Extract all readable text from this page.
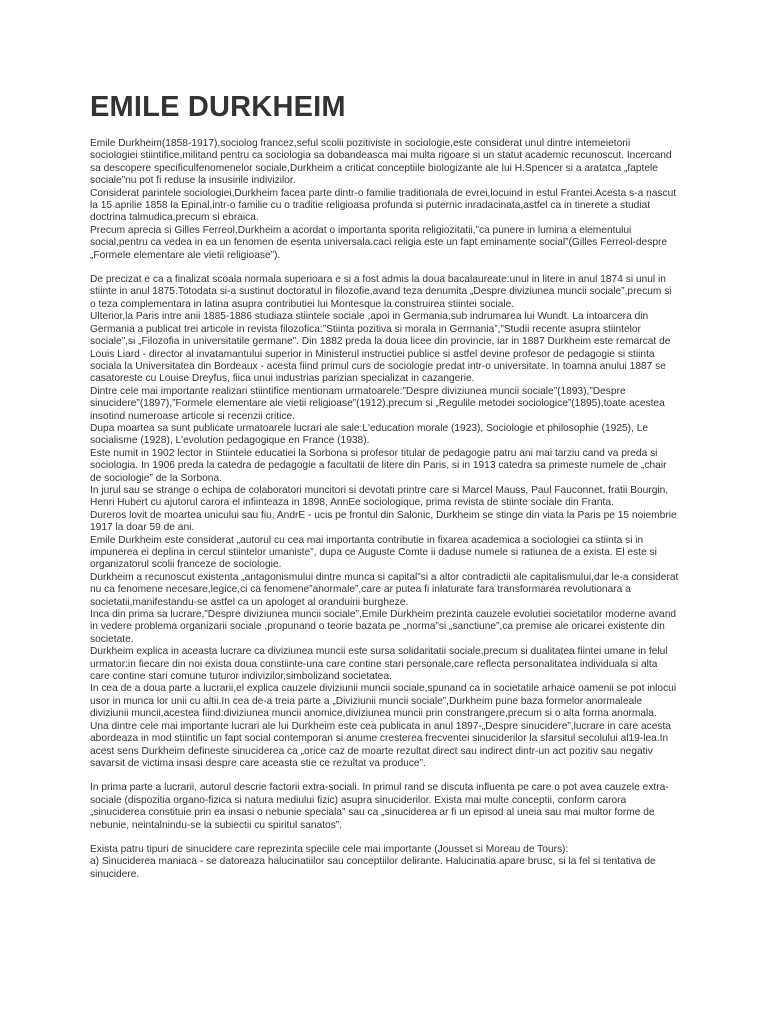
EMILE DURKHEIM

Emile Durkheim(1858-1917),sociolog francez,seful scolii pozitiviste in sociologie,este considerat unul dintre intemeietorii sociologiei stiintifice,militand pentru ca sociologia sa dobandeasca mai multa rigoare si un statut academic recunoscut. Incercand sa descopere specificulfenomenelor sociale,Durkheim a criticat conceptiile biologizante ale lui H.Spencer si a aratatca „faptele sociale”nu pot fi reduse la insusirile indivizilor.

Considerat parintele sociologiei,Durkheim facea parte dintr-o familie traditionala de evrei,locuind in estul Frantei.Acesta s-a nascut la 15 aprilie 1858 la Epinal,intr-o familie cu o traditie religioasa profunda si puternic inradacinata,astfel ca in tinerete a studiat doctrina talmudica,precum si ebraica.

Precum aprecia si Gilles Ferreol,Durkheim a acordat o importanta sporita religiozitatii,”ca punere in lumina a elementului social,pentru ca vedea in ea un fenomen de esenta universala.caci religia este un fapt eminamente social”(Gilles Ferreol-despre „Formele elementare ale vietii religioase”).

De precizat e ca a finalizat scoala normala superioara e si a fost admis la doua bacalaureate:unul in litere in anul 1874 si unul in stiinte in anul 1875.Totodata si-a sustinut doctoratul in filozofie,avand teza denumita „Despre diviziunea muncii sociale”,precum si o teza complementara in latina asupra contributiei lui Montesque la construirea stiintei sociale.

Ulterior,la Paris intre anii 1885-1886 studiaza stiintele sociale ,apoi in Germania,sub indrumarea lui Wundt. La intoarcera din Germania a publicat trei articole in revista filozofica:”Stiinta pozitiva si morala in Germania”,”Studii recente asupra stiintelor sociale”,si „Filozofia in universitatile germane”. Din 1882 preda la doua licee din provincie, iar in 1887 Durkheim este remarcat de Louis Liard - director al invatamantului superior in Ministerul instructiei publice si astfel devine profesor de pedagogie si stiinta sociala la Universitatea din Bordeaux - acesta fiind primul curs de sociologie predat intr-o universitate. In toamna anului 1887 se casatoreste cu Louise Dreyfus, fiica unui industrias parizian specializat in cazangerie.

Dintre cele mai importante realizari stiintifice mentionam urmatoarele:”Despre diviziunea muncii sociale”(1893),”Despre sinucidere”(1897),”Formele elementare ale vietii religioase”(1912),precum si „Regulile metodei sociologice”(1895),toate acestea insotind numeroase articole si recenzii critice.

Dupa moartea sa sunt publicate urmatoarele lucrari ale sale:L'education morale (1923), Sociologie et philosophie (1925), Le socialisme (1928), L'evolution pedagogique en France (1938).

Este numit in 1902 lector in Stiintele educatiei la Sorbona si profesor titular de pedagogie patru ani mai tarziu cand va preda si sociologia. In 1906 preda la catedra de pedagogie a facultatii de litere din Paris, si in 1913 catedra sa primeste numele de „chair de sociologie” de la Sorbona.

In jurul sau se strange o echipa de colaboratori muncitori si devotati printre care si Marcel Mauss, Paul Fauconnet, fratii Bourgin, Henri Hubert cu ajutorul carora el infiinteaza in 1898, AnnEe sociologique, prima revista de stiinte sociale din Franta.

Dureros lovit de moartea unicului sau fiu, AndrE - ucis pe frontul din Salonic, Durkheim se stinge din viata la Paris pe 15 noiembrie 1917 la doar 59 de ani.

Emile Durkheim este considerat „autorul cu cea mai importanta contributie in fixarea academica a sociologiei ca stiinta si in impunerea ei deplina in cercul stiintelor umaniste”, dupa ce Auguste Comte ii daduse numele si ratiunea de a exista. El este si organizatorul scolii franceze de sociologie.

Durkheim a recunoscut existenta „antagonismului dintre munca si capital”si a altor contradictii ale capitalismului,dar le-a considerat nu ca fenomene necesare,legice,ci ca fenomene”anormale”,care ar putea fi inlaturate fara transformarea revolutionara a societatii,manifestandu-se astfel ca un apologet al oranduirii burgheze.

Inca din prima sa lucrare,”Despre diviziunea muncii sociale”,Emile Durkheim prezinta cauzele evolutiei societatilor moderne avand in vedere problema organizarii sociale ,propunand o teorie bazata pe „norma”si „sanctiune”,ca premise ale oricarei existente din societate.

Durkheim explica in aceasta lucrare ca diviziunea muncii este sursa solidaritatii sociale,precum si dualitatea fiintei umane in felul urmator:in fiecare din noi exista doua constiinte-una care contine stari personale,care reflecta personalitatea individuala si alta care contine stari comune tuturor indivizilor,simbolizand societatea.

In cea de a doua parte a lucrarii,el explica cauzele diviziunii muncii sociale,spunand ca in societatile arhaice oamenii se pot inlocui usor in munca lor unii cu altii.In cea de-a treia parte a „Diviziunii muncii sociale”,Durkheim pune baza formelor anormaleale diviziunii muncii,acestea fiind:diviziunea muncii anomice,diviziunea muncii prin constrangere,precum si o alta forma anormala.

Una dintre cele mai importante lucrari ale lui Durkheim este cea publicata in anul 1897-„Despre sinucidere”,lucrare in care acesta abordeaza in mod stiintific un fapt social contemporan si anume cresterea frecventei sinuciderilor la sfarsitul secolului al19-lea.In acest sens Durkheim defineste sinuciderea ca „orice caz de moarte rezultat direct sau indirect dintr-un act pozitiv sau negativ savarsit de victima insasi despre care aceasta stie ce rezultat va produce”.

In prima parte a lucrarii, autorul descrie factorii extra-sociali. In primul rand se discuta influenta pe care o pot avea cauzele extra-sociale (dispozitia organo-fizica si natura mediului fizic) asupra sinuciderilor. Exista mai multe conceptii, conform carora „sinuciderea constituie prin ea insasi o nebunie speciala” sau ca „sinuciderea ar fi un episod al uneia sau mai multor forme de nebunie, neintalnindu-se la subiectii cu spiritul sanatos”.

Exista patru tipuri de sinucidere care reprezinta speciile cele mai importante (Jousset si Moreau de Tours):

a) Sinuciderea maniaca - se datoreaza halucinatiilor sau conceptiilor delirante. Halucinatia apare brusc, si la fel si tentativa de sinucidere.
